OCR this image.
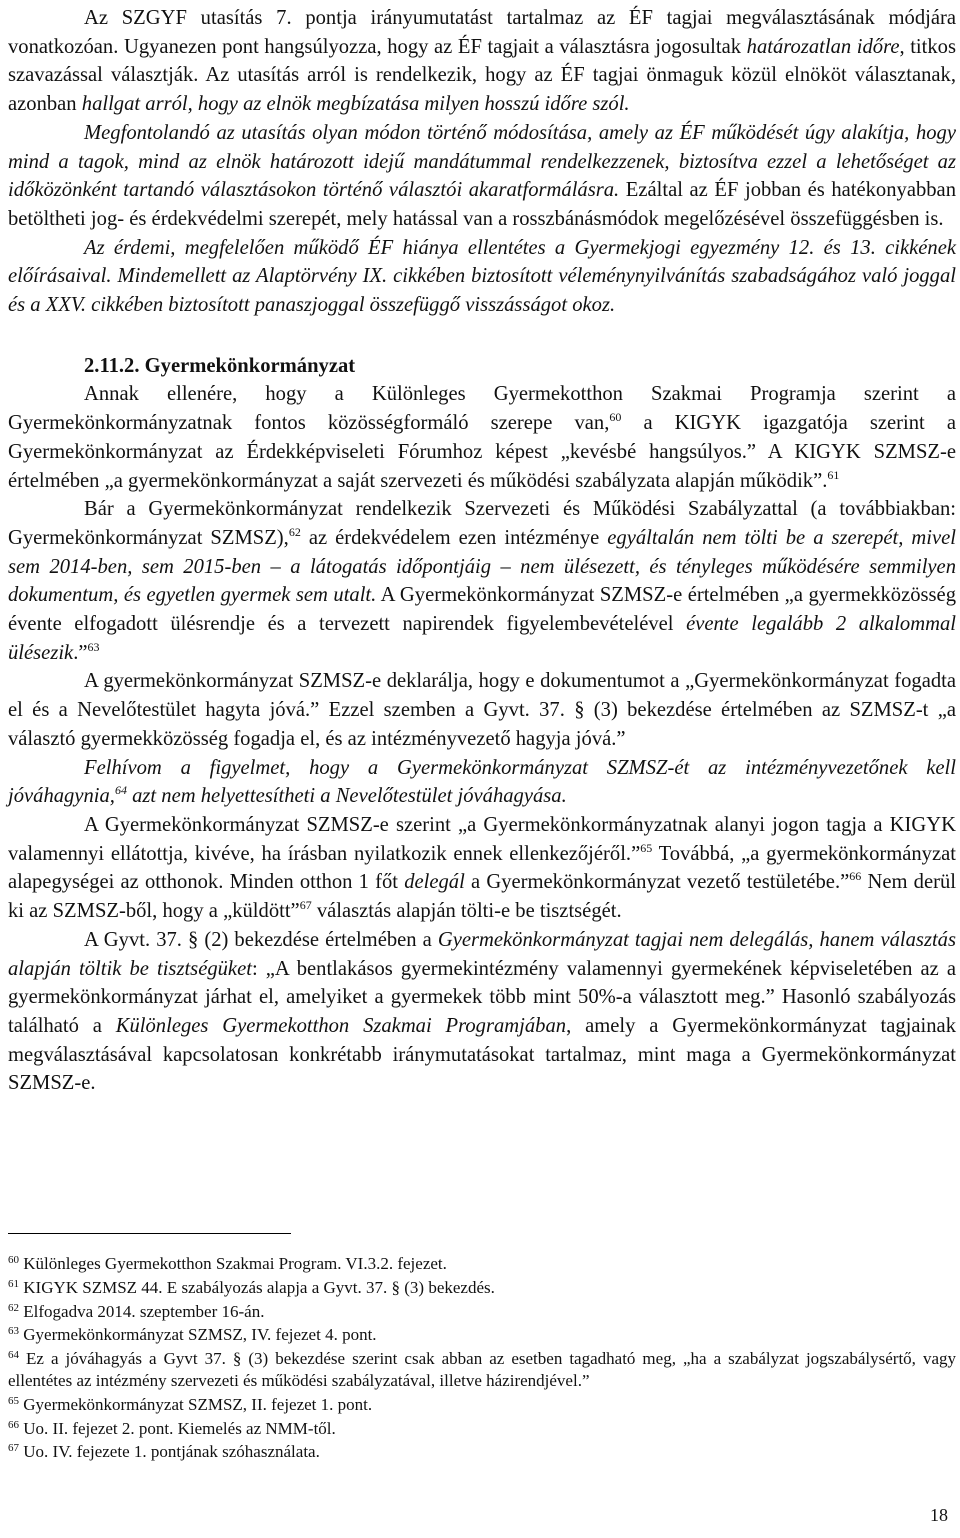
Az SZGYF utasítás 7. pontja irányumutatást tartalmaz az ÉF tagjai megválasztásának módjára vonatkozóan. Ugyanezen pont hangsúlyozza, hogy az ÉF tagjait a választásra jogosultak határozatlan időre, titkos szavazással választják. Az utasítás arról is rendelkezik, hogy az ÉF tagjai önmaguk közül elnököt választanak, azonban hallgat arról, hogy az elnök megbízatása milyen hosszú időre szól.

Megfontolandó az utasítás olyan módon történő módosítása, amely az ÉF működését úgy alakítja, hogy mind a tagok, mind az elnök határozott idejű mandátummal rendelkezzenek, biztosítva ezzel a lehetőséget az időközönként tartandó választásokon történő választói akaratformálásra. Ezáltal az ÉF jobban és hatékonyabban betöltheti jog- és érdekvédelmi szerepét, mely hatással van a rosszbánásmódok megelőzésével összefüggésben is.

Az érdemi, megfelelően működő ÉF hiánya ellentétes a Gyermekjogi egyezmény 12. és 13. cikkének előírásaival. Mindemellett az Alaptörvény IX. cikkében biztosított véleménynyilvánítás szabadságához való joggal és a XXV. cikkében biztosított panaszjoggal összefüggő visszásságot okoz.

2.11.2. Gyermekönkormányzat

Annak ellenére, hogy a Különleges Gyermekotthon Szakmai Programja szerint a Gyermekönkormányzatnak fontos közösségformáló szerepe van,$^{60}$ a KIGYK igazgatója szerint a Gyermekönkormányzat az Érdekképviseleti Fórumhoz képest „kevésbé hangsúlyos.” A KIGYK SZMSZ-e értelmében „a gyermekönkormányzat a saját szervezeti és működési szabályzata alapján működik”.$^{61}$

Bár a Gyermekönkormányzat rendelkezik Szervezeti és Működési Szabályzattal (a továbbiakban: Gyermekönkormányzat SZMSZ),$^{62}$ az érdekvédelem ezen intézménye egyáltalán nem tölti be a szerepét, mivel sem 2014-ben, sem 2015-ben – a látogatás időpontjáig – nem ülésezett, és tényleges működésére semmilyen dokumentum, és egyetlen gyermek sem utalt. A Gyermekönkormányzat SZMSZ-e értelmében „a gyermekközösség évente elfogadott ülésrendje és a tervezett napirendek figyelembevételével évente legalább 2 alkalommal ülésezik.”$^{63}$

A gyermekönkormányzat SZMSZ-e deklarálja, hogy e dokumentumot a „Gyermekönkormányzat fogadta el és a Nevelőtestület hagyta jóvá.” Ezzel szemben a Gyvt. 37. § (3) bekezdése értelmében az SZMSZ-t „a választó gyermekközösség fogadja el, és az intézményvezető hagyja jóvá.”

Felhívom a figyelmet, hogy a Gyermekönkormányzat SZMSZ-ét az intézményvezetőnek kell jóváhagynia,$^{64}$ azt nem helyettesítheti a Nevelőtestület jóváhagyása.

A Gyermekönkormányzat SZMSZ-e szerint „a Gyermekönkormányzatnak alanyi jogon tagja a KIGYK valamennyi ellátottja, kivéve, ha írásban nyilatkozik ennek ellenkezőjéről.”$^{65}$ Továbbá, „a gyermekönkormányzat alapegységei az otthonok. Minden otthon 1 főt delegál a Gyermekönkormányzat vezető testületébe.”$^{66}$ Nem derül ki az SZMSZ-ből, hogy a „küldött”$^{67}$ választás alapján tölti-e be tisztségét.

A Gyvt. 37. § (2) bekezdése értelmében a Gyermekönkormányzat tagjai nem delegálás, hanem választás alapján töltik be tisztségüket: „A bentlakásos gyermekintézmény valamennyi gyermekének képviseletében az a gyermekönkormányzat járhat el, amelyiket a gyermekek több mint 50%-a választott meg.” Hasonló szabályozás található a Különleges Gyermekotthon Szakmai Programjában, amely a Gyermekönkormányzat tagjainak megválasztásával kapcsolatosan konkrétabb iránymutatásokat tartalmaz, mint maga a Gyermekönkormányzat SZMSZ-e.

$^{60}$ Különleges Gyermekotthon Szakmai Program. VI.3.2. fejezet.

$^{61}$ KIGYK SZMSZ 44. E szabályozás alapja a Gyvt. 37. § (3) bekezdés.

$^{62}$ Elfogadva 2014. szeptember 16-án.

$^{63}$ Gyermekönkormányzat SZMSZ, IV. fejezet 4. pont.

$^{64}$ Ez a jóváhagyás a Gyvt 37. § (3) bekezdése szerint csak abban az esetben tagadható meg, „ha a szabályzat jogszabálysértő, vagy ellentétes az intézmény szervezeti és működési szabályzatával, illetve házirendjével.”

$^{65}$ Gyermekönkormányzat SZMSZ, II. fejezet 1. pont.

$^{66}$ Uo. II. fejezet 2. pont. Kiemelés az NMM-től.

$^{67}$ Uo. IV. fejezete 1. pontjának szóhasználata.

18
